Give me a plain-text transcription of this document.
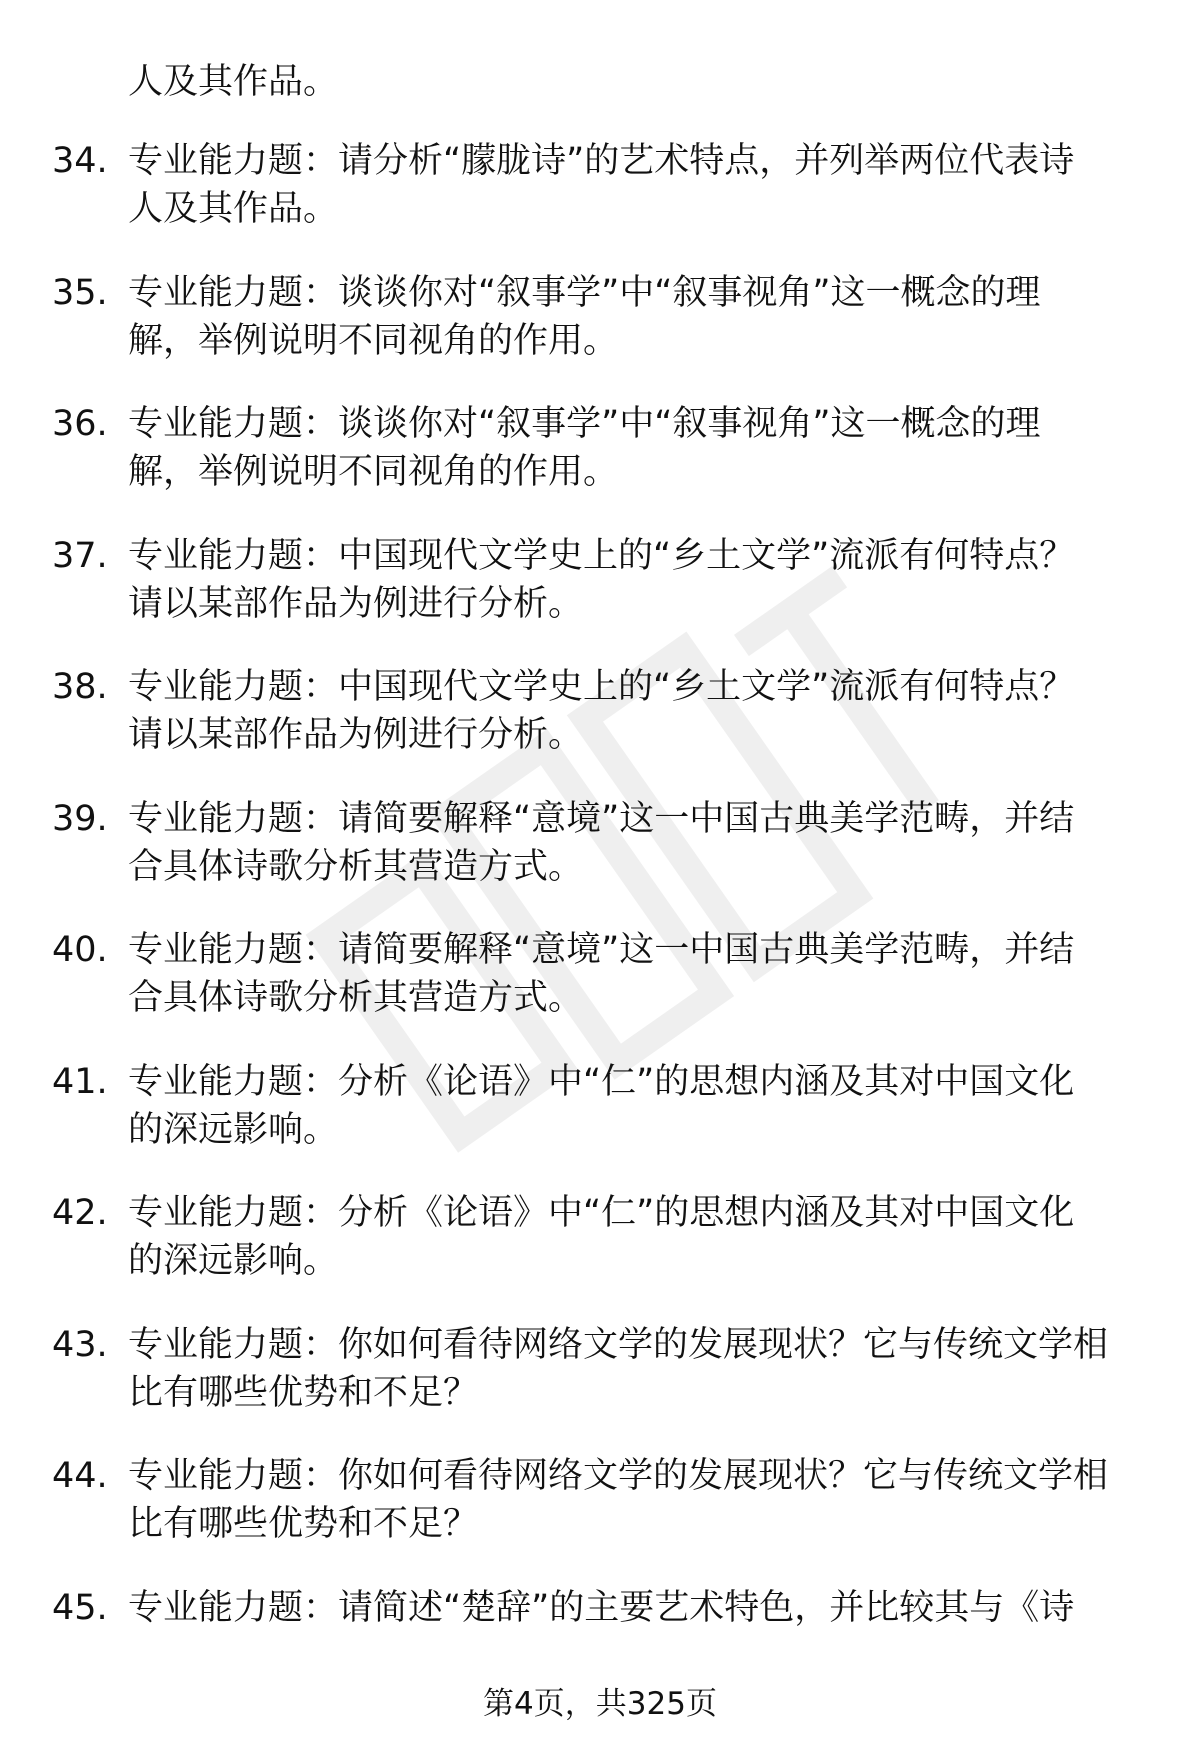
人及其作品。
34. 专业能力题：请分析“朦胧诗”的艺术特点，并列举两位代表诗
人及其作品。
35. 专业能力题：谈谈你对“叙事学”中“叙事视角”这一概念的理
解，举例说明不同视角的作用。
36. 专业能力题：谈谈你对“叙事学”中“叙事视角”这一概念的理
解，举例说明不同视角的作用。
37. 专业能力题：中国现代文学史上的“乡土文学”流派有何特点？
请以某部作品为例进行分析。
38. 专业能力题：中国现代文学史上的“乡土文学”流派有何特点？
请以某部作品为例进行分析。
39. 专业能力题：请简要解释“意境”这一中国古典美学范畴，并结
合具体诗歌分析其营造方式。
40. 专业能力题：请简要解释“意境”这一中国古典美学范畴，并结
合具体诗歌分析其营造方式。
41. 专业能力题：分析《论语》中“仁”的思想内涵及其对中国文化
的深远影响。
42. 专业能力题：分析《论语》中“仁”的思想内涵及其对中国文化
的深远影响。
43. 专业能力题：你如何看待网络文学的发展现状？它与传统文学相
比有哪些优势和不足？
44. 专业能力题：你如何看待网络文学的发展现状？它与传统文学相
比有哪些优势和不足？
45. 专业能力题：请简述“楚辞”的主要艺术特色，并比较其与《诗
第4页，共325页
